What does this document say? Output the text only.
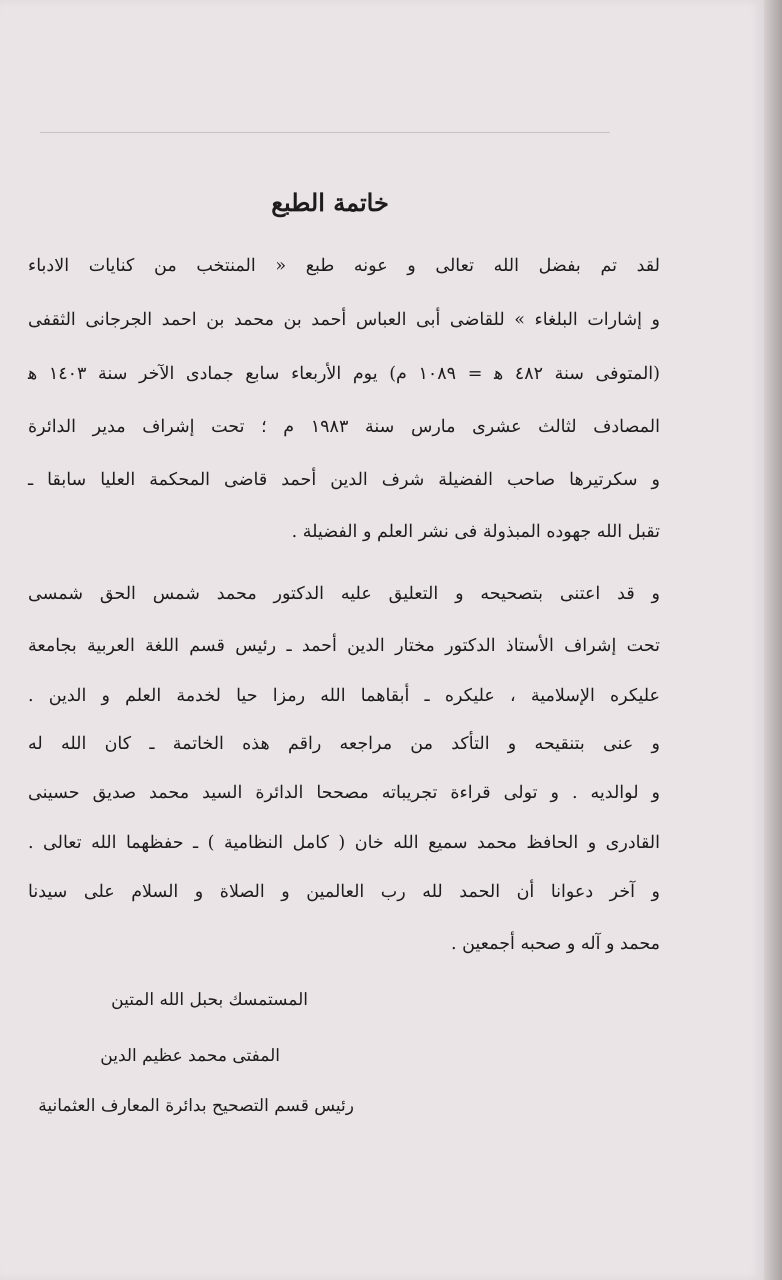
خاتمة الطبع
لقد تم بفضل الله تعالى و عونه طبع « المنتخب من كنايات الادباء
و إشارات البلغاء » للقاضى أبى العباس أحمد بن محمد بن احمد الجرجانى الثقفى
(المتوفى سنة ٤٨٢ ﻫ = ١٠٨٩ م) يوم الأربعاء سابع جمادى الآخر سنة ١٤٠٣ ﻫ
المصادف لثالث عشرى مارس سنة ١٩٨٣ م ؛ تحت إشراف مدير الدائرة
و سكرتيرها صاحب الفضيلة شرف الدين أحمد قاضى المحكمة العليا سابقا ـ
تقبل الله جهوده المبذولة فى نشر العلم و الفضيلة .
و قد اعتنى بتصحيحه و التعليق عليه الدكتور محمد شمس الحق شمسى
تحت إشراف الأستاذ الدكتور مختار الدين أحمد ـ رئيس قسم اللغة العربية بجامعة
عليكره الإسلامية ، عليكره ـ أبقاهما الله رمزا حيا لخدمة العلم و الدين .
و عنى بتنقيحه و التأكد من مراجعه راقم هذه الخاتمة ـ كان الله له
و لوالديه . و تولى قراءة تجريباته مصححا الدائرة السيد محمد صديق حسينى
القادرى و الحافظ محمد سميع الله خان ( كامل النظامية ) ـ حفظهما الله تعالى .
و آخر دعوانا أن الحمد لله رب العالمين و الصلاة و السلام على سيدنا
محمد و آله و صحبه أجمعين .
المستمسك بحبل الله المتين
المفتى محمد عظيم الدين
رئيس قسم التصحيح بدائرة المعارف العثمانية
